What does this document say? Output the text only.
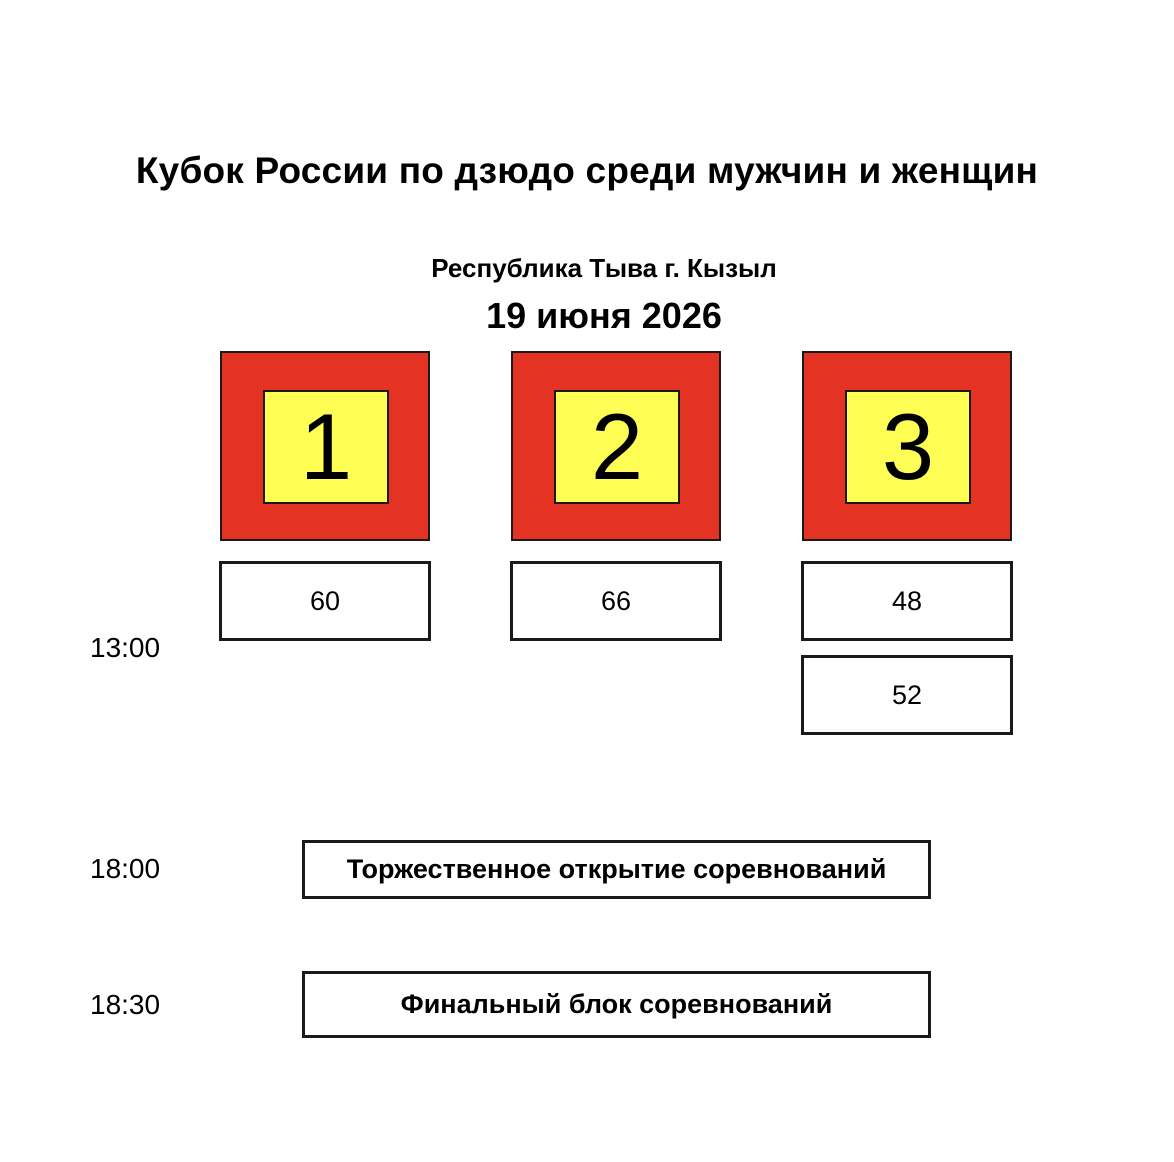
Кубок России по дзюдо среди мужчин и женщин
Республика Тыва г. Кызыл
19 июня 2026
1
60
2
66
3
48
52
13:00
18:00
18:30
Торжественное открытие соревнований
Финальный блок соревнований
